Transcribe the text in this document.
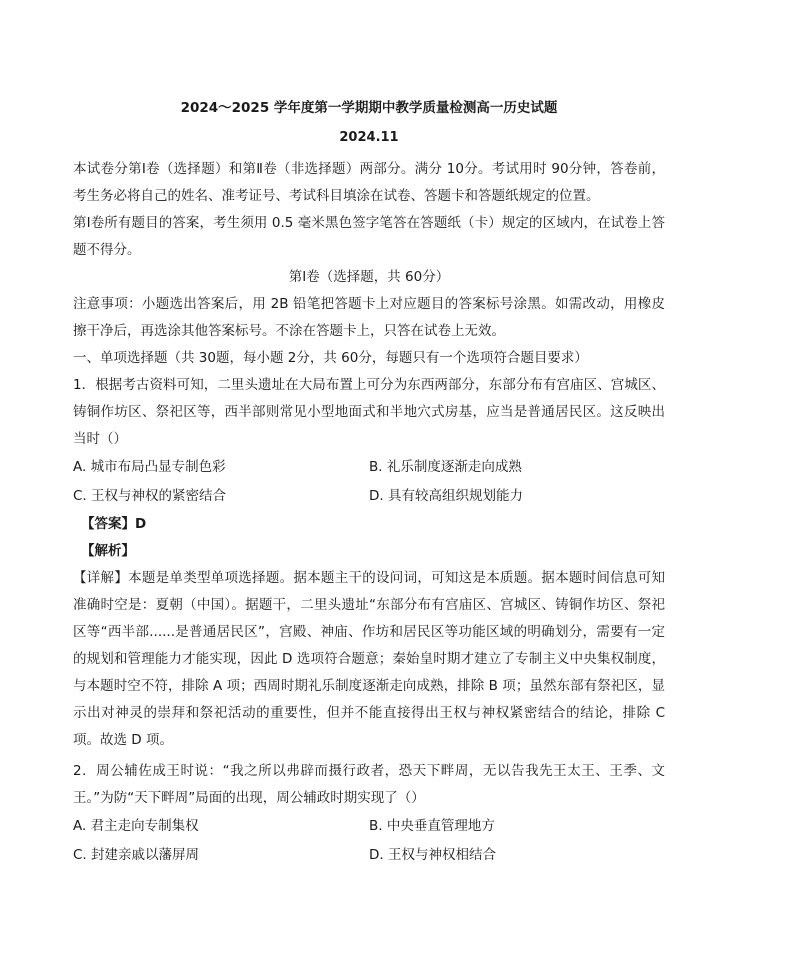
2024～2025 学年度第一学期期中教学质量检测高一历史试题
2024.11

本试卷分第Ⅰ卷（选择题）和第Ⅱ卷（非选择题）两部分。满分 10分。考试用时 90分钟，答卷前，考生务必将自己的姓名、准考证号、考试科目填涂在试卷、答题卡和答题纸规定的位置。

第Ⅰ卷所有题目的答案，考生须用 0.5 毫米黑色签字笔答在答题纸（卡）规定的区域内，在试卷上答题不得分。

第Ⅰ卷（选择题，共 60分）

注意事项：小题选出答案后，用 2B 铅笔把答题卡上对应题目的答案标号涂黑。如需改动，用橡皮擦干净后，再选涂其他答案标号。不涂在答题卡上，只答在试卷上无效。

一、单项选择题（共 30题，每小题 2分，共 60分，每题只有一个选项符合题目要求）

1．根据考古资料可知，二里头遗址在大局布置上可分为东西两部分，东部分布有宫庙区、宫城区、铸铜作坊区、祭祀区等，西半部则常见小型地面式和半地穴式房基，应当是普通居民区。这反映出当时（）

A. 城市布局凸显专制色彩	B. 礼乐制度逐渐走向成熟
C. 王权与神权的紧密结合	D. 具有较高组织规划能力

【答案】D

【解析】

【详解】本题是单类型单项选择题。据本题主干的设问词，可知这是本质题。据本题时间信息可知准确时空是：夏朝（中国）。据题干，二里头遗址“东部分布有宫庙区、宫城区、铸铜作坊区、祭祀区等“西半部......是普通居民区”，宫殿、神庙、作坊和居民区等功能区域的明确划分，需要有一定的规划和管理能力才能实现，因此 D 选项符合题意；秦始皇时期才建立了专制主义中央集权制度，与本题时空不符，排除 A 项；西周时期礼乐制度逐渐走向成熟，排除 B 项；虽然东部有祭祀区，显示出对神灵的崇拜和祭祀活动的重要性，但并不能直接得出王权与神权紧密结合的结论，排除 C 项。故选 D 项。

2．周公辅佐成王时说：“我之所以弗辟而摄行政者，恐天下畔周，无以告我先王太王、王季、文王。”为防“天下畔周”局面的出现，周公辅政时期实现了（）

A. 君主走向专制集权	B. 中央垂直管理地方
C. 封建亲戚以藩屏周	D. 王权与神权相结合
